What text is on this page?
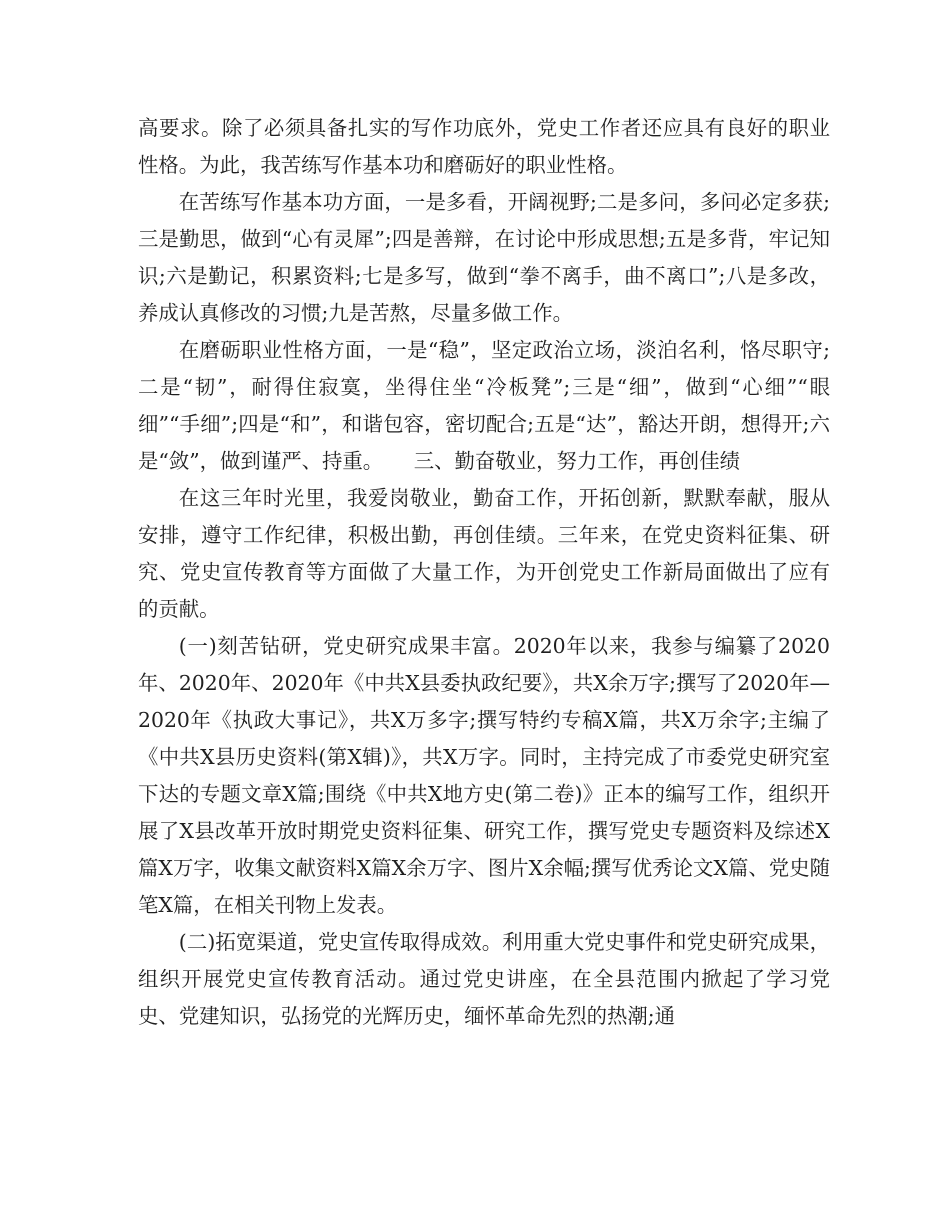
高要求。除了必须具备扎实的写作功底外，党史工作者还应具有良好的职业性格。为此，我苦练写作基本功和磨砺好的职业性格。

在苦练写作基本功方面，一是多看，开阔视野;二是多问，多问必定多获;三是勤思，做到“心有灵犀”;四是善辩，在讨论中形成思想;五是多背，牢记知识;六是勤记，积累资料;七是多写，做到“拳不离手，曲不离口”;八是多改，养成认真修改的习惯;九是苦熬，尽量多做工作。

在磨砺职业性格方面，一是“稳”，坚定政治立场，淡泊名利，恪尽职守;二是“韧”，耐得住寂寞，坐得住坐“冷板凳”;三是“细”，做到“心细”“眼细”“手细”;四是“和”，和谐包容，密切配合;五是“达”，豁达开朗，想得开;六是“敛”，做到谨严、持重。　　三、勤奋敬业，努力工作，再创佳绩

在这三年时光里，我爱岗敬业，勤奋工作，开拓创新，默默奉献，服从安排，遵守工作纪律，积极出勤，再创佳绩。三年来，在党史资料征集、研究、党史宣传教育等方面做了大量工作，为开创党史工作新局面做出了应有的贡献。

(一)刻苦钻研，党史研究成果丰富。2020年以来，我参与编纂了2020年、2020年、2020年《中共X县委执政纪要》，共X余万字;撰写了2020年—2020年《执政大事记》，共X万多字;撰写特约专稿X篇，共X万余字;主编了《中共X县历史资料(第X辑)》，共X万字。同时，主持完成了市委党史研究室下达的专题文章X篇;围绕《中共X地方史(第二卷)》正本的编写工作，组织开展了X县改革开放时期党史资料征集、研究工作，撰写党史专题资料及综述X篇X万字，收集文献资料X篇X余万字、图片X余幅;撰写优秀论文X篇、党史随笔X篇，在相关刊物上发表。

(二)拓宽渠道，党史宣传取得成效。利用重大党史事件和党史研究成果，组织开展党史宣传教育活动。通过党史讲座，在全县范围内掀起了学习党史、党建知识，弘扬党的光辉历史，缅怀革命先烈的热潮;通
